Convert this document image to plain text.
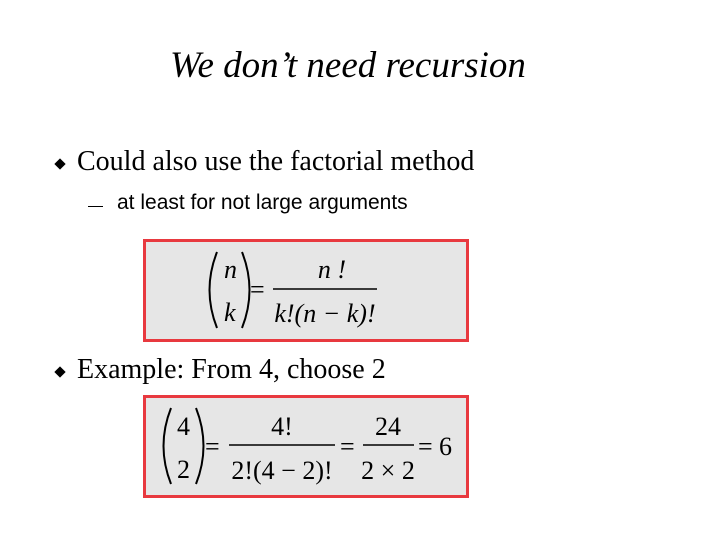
We don’t need recursion
Could also use the factorial method
at least for not large arguments
n
k
=
n !
k!(n − k)!
Example: From 4, choose 2
4
2
=
4!
2!(4 − 2)!
=
24
2 × 2
= 6
